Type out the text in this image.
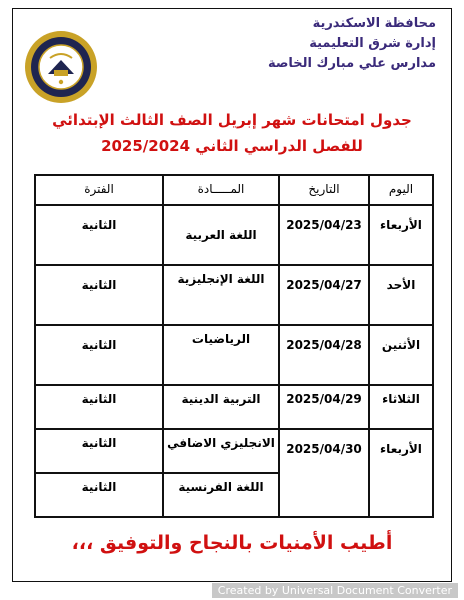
محافظة الاسكندرية
إدارة شرق التعليمية
مدارس علي مبارك الخاصة
جدول امتحانات شهر إبريل الصف الثالث الإبتدائي
للفصل الدراسي الثاني 2025/2024
اليوم	التاريخ	المـــــادة	الفترة
الأربعاء	2025/04/23	اللغة العربية	الثانية
الأحد	2025/04/27	اللغة الإنجليزية	الثانية
الأثنين	2025/04/28	الرياضيات	الثانية
الثلاثاء	2025/04/29	التربية الدينية	الثانية
الأربعاء	2025/04/30	الانجليزي الاضافي	الثانية
		اللغة الفرنسية	الثانية
أطيب الأمنيات بالنجاح والتوفيق ،،،
Created by Universal Document Converter
